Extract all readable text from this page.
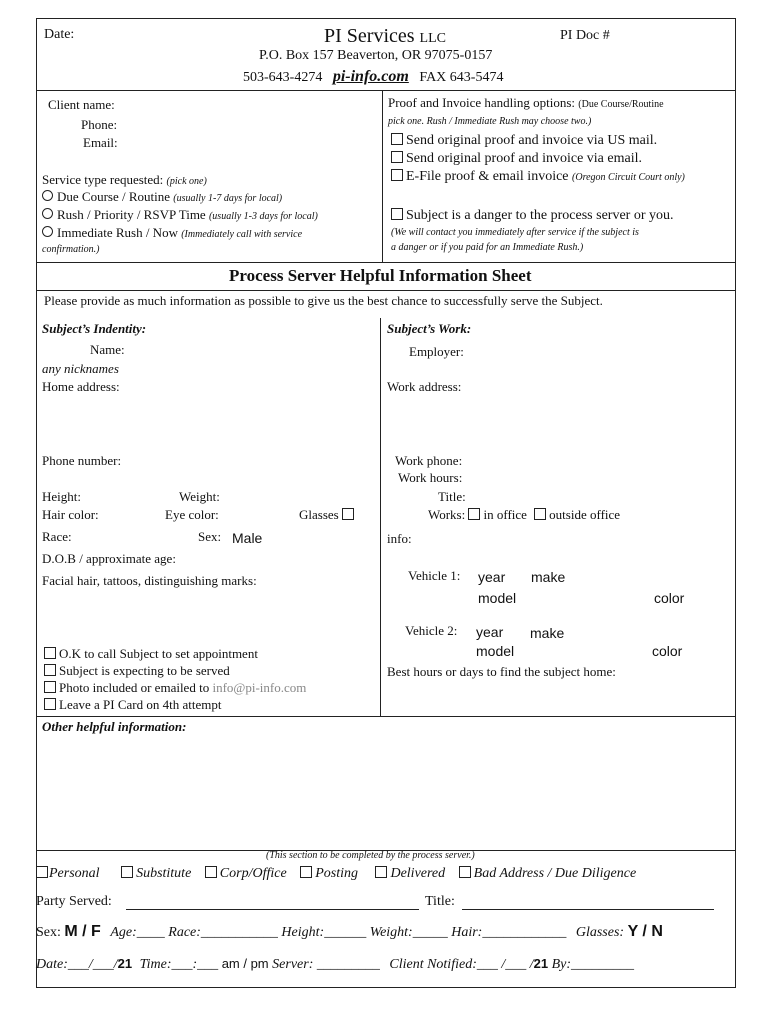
Date:	PI Services LLC	PI Doc #
P.O. Box 157 Beaverton, OR 97075-0157
503-643-4274 pi-info.com FAX 643-5474
Client name:
Phone:
Email:
Service type requested: (pick one)
Due Course / Routine (usually 1-7 days for local)
Rush / Priority / RSVP Time (usually 1-3 days for local)
Immediate Rush / Now (Immediately call with service
confirmation.)
Proof and Invoice handling options: (Due Course/Routine
pick one. Rush / Immediate Rush may choose two.)
Send original proof and invoice via US mail.
Send original proof and invoice via email.
E-File proof & email invoice (Oregon Circuit Court only)
Subject is a danger to the process server or you.
(We will contact you immediately after service if the subject is
a danger or if you paid for an Immediate Rush.)
Process Server Helpful Information Sheet
Please provide as much information as possible to give us the best chance to successfully serve the Subject.
Subject’s Indentity:
Name:
any nicknames
Home address:
Phone number:
Height:	Weight:
Hair color:	Eye color:	Glasses
Race:	Sex: Male
D.O.B / approximate age:
Facial hair, tattoos, distinguishing marks:
O.K to call Subject to set appointment
Subject is expecting to be served
Photo included or emailed to info@pi-info.com
Leave a PI Card on 4th attempt
Subject’s Work:
Employer:
Work address:
Work phone:
Work hours:
Title:
Works: in office outside office
info:
Vehicle 1: year make
model	color
Vehicle 2: year make
model	color
Best hours or days to find the subject home:
Other helpful information:
(This section to be completed by the process server.)
Personal	Substitute Corp/Office Posting Delivered Bad Address / Due Diligence
Party Served:	Title:
Sex: M / F Age:____ Race:___________ Height:______ Weight:_____ Hair:____________ Glasses: Y / N
Date:___/___/21 Time:___:___ am / pm Server: _________ Client Notified:___ /___ /21 By:_________
